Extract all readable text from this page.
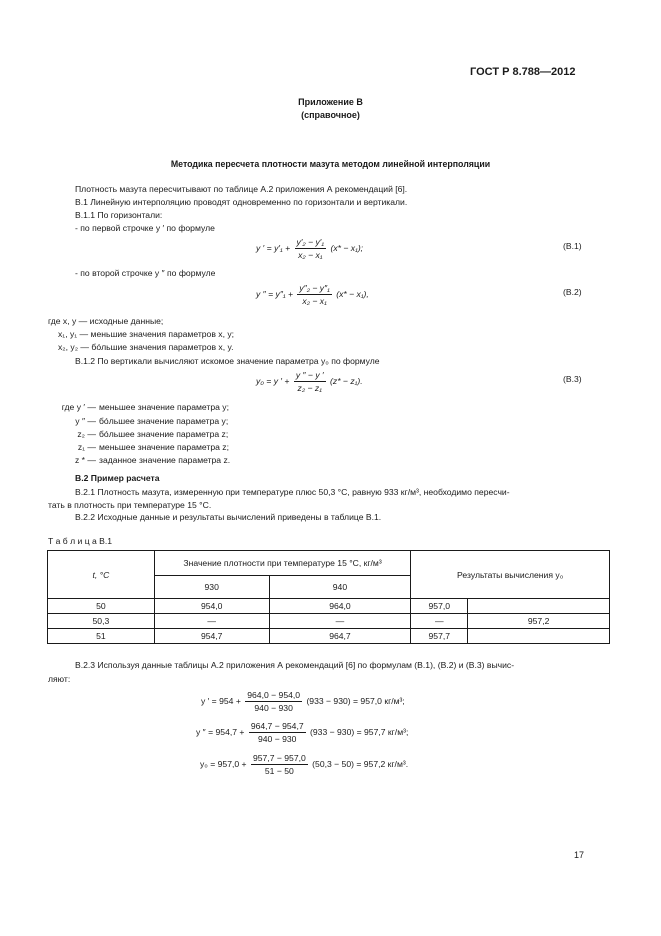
ГОСТ Р 8.788—2012
Приложение В
(справочное)
Методика пересчета плотности мазута методом линейной интерполяции
Плотность мазута пересчитывают по таблице А.2 приложения А рекомендаций [6].
В.1 Линейную интерполяцию проводят одновременно по горизонтали и вертикали.
В.1.1 По горизонтали:
- по первой строчке y ′ по формуле
y ′ = $y'_1 + \frac{\text{y′₂ − y′₁}}{\text{x₂ − x₁}} (x* - x_1)$;	(В.1)
- по второй строчке y ″ по формуле
y ″ = $y''_1 + \frac{\text{y″₂ − y″₁}}{\text{x₂ − x₁}} (x* - x_1)$,	(В.2)
где x, y — исходные данные;
x₁, y₁ — меньшие значения параметров x, y;
x₂, y₂ — бóльшие значения параметров x, y.
В.1.2 По вертикали вычисляют искомое значение параметра y₀ по формуле
y₀ = y ′ + $\frac{y '' - y '}{\text{z₂ − z₁}} (z* - z_1)$.	(В.3)
где y ′ — меньшее значение параметра y;
y ″ — бóльшее значение параметра y;
z₂ — бóльшее значение параметра z;
z₁ — меньшее значение параметра z;
z * — заданное значение параметра z.
В.2 Пример расчета
В.2.1 Плотность мазута, измеренную при температуре плюс 50,3 °С, равную 933 кг/м³, необходимо пересчи-
тать в плотность при температуре 15 °С.
В.2.2 Исходные данные и результаты вычислений приведены в таблице В.1.
Т а б л и ц а В.1
t, °С	Значение плотности при температуре 15 °С, кг/м³		Результаты вычисления y₀	
	930	940		
50	954,0	964,0	957,0	
50,3	—	—	—	957,2
51	954,7	964,7	957,7	
В.2.3 Используя данные таблицы А.2 приложения А рекомендаций [6] по формулам (В.1), (В.2) и (В.3) вычис-
ляют:
y ′ = $954 + \frac{964,0 - 954,0}{940 - 930} (933 - 930) = 957,0$ кг/м³;
y ″ = $954,7 + \frac{964,7 - 954,7}{940 - 930} (933 - 930) = 957,7$ кг/м³;
$y_0 = 957,0 + \frac{957,7 - 957,0}{51 - 50} (50,3 - 50) = 957,2$ кг/м³.
17
